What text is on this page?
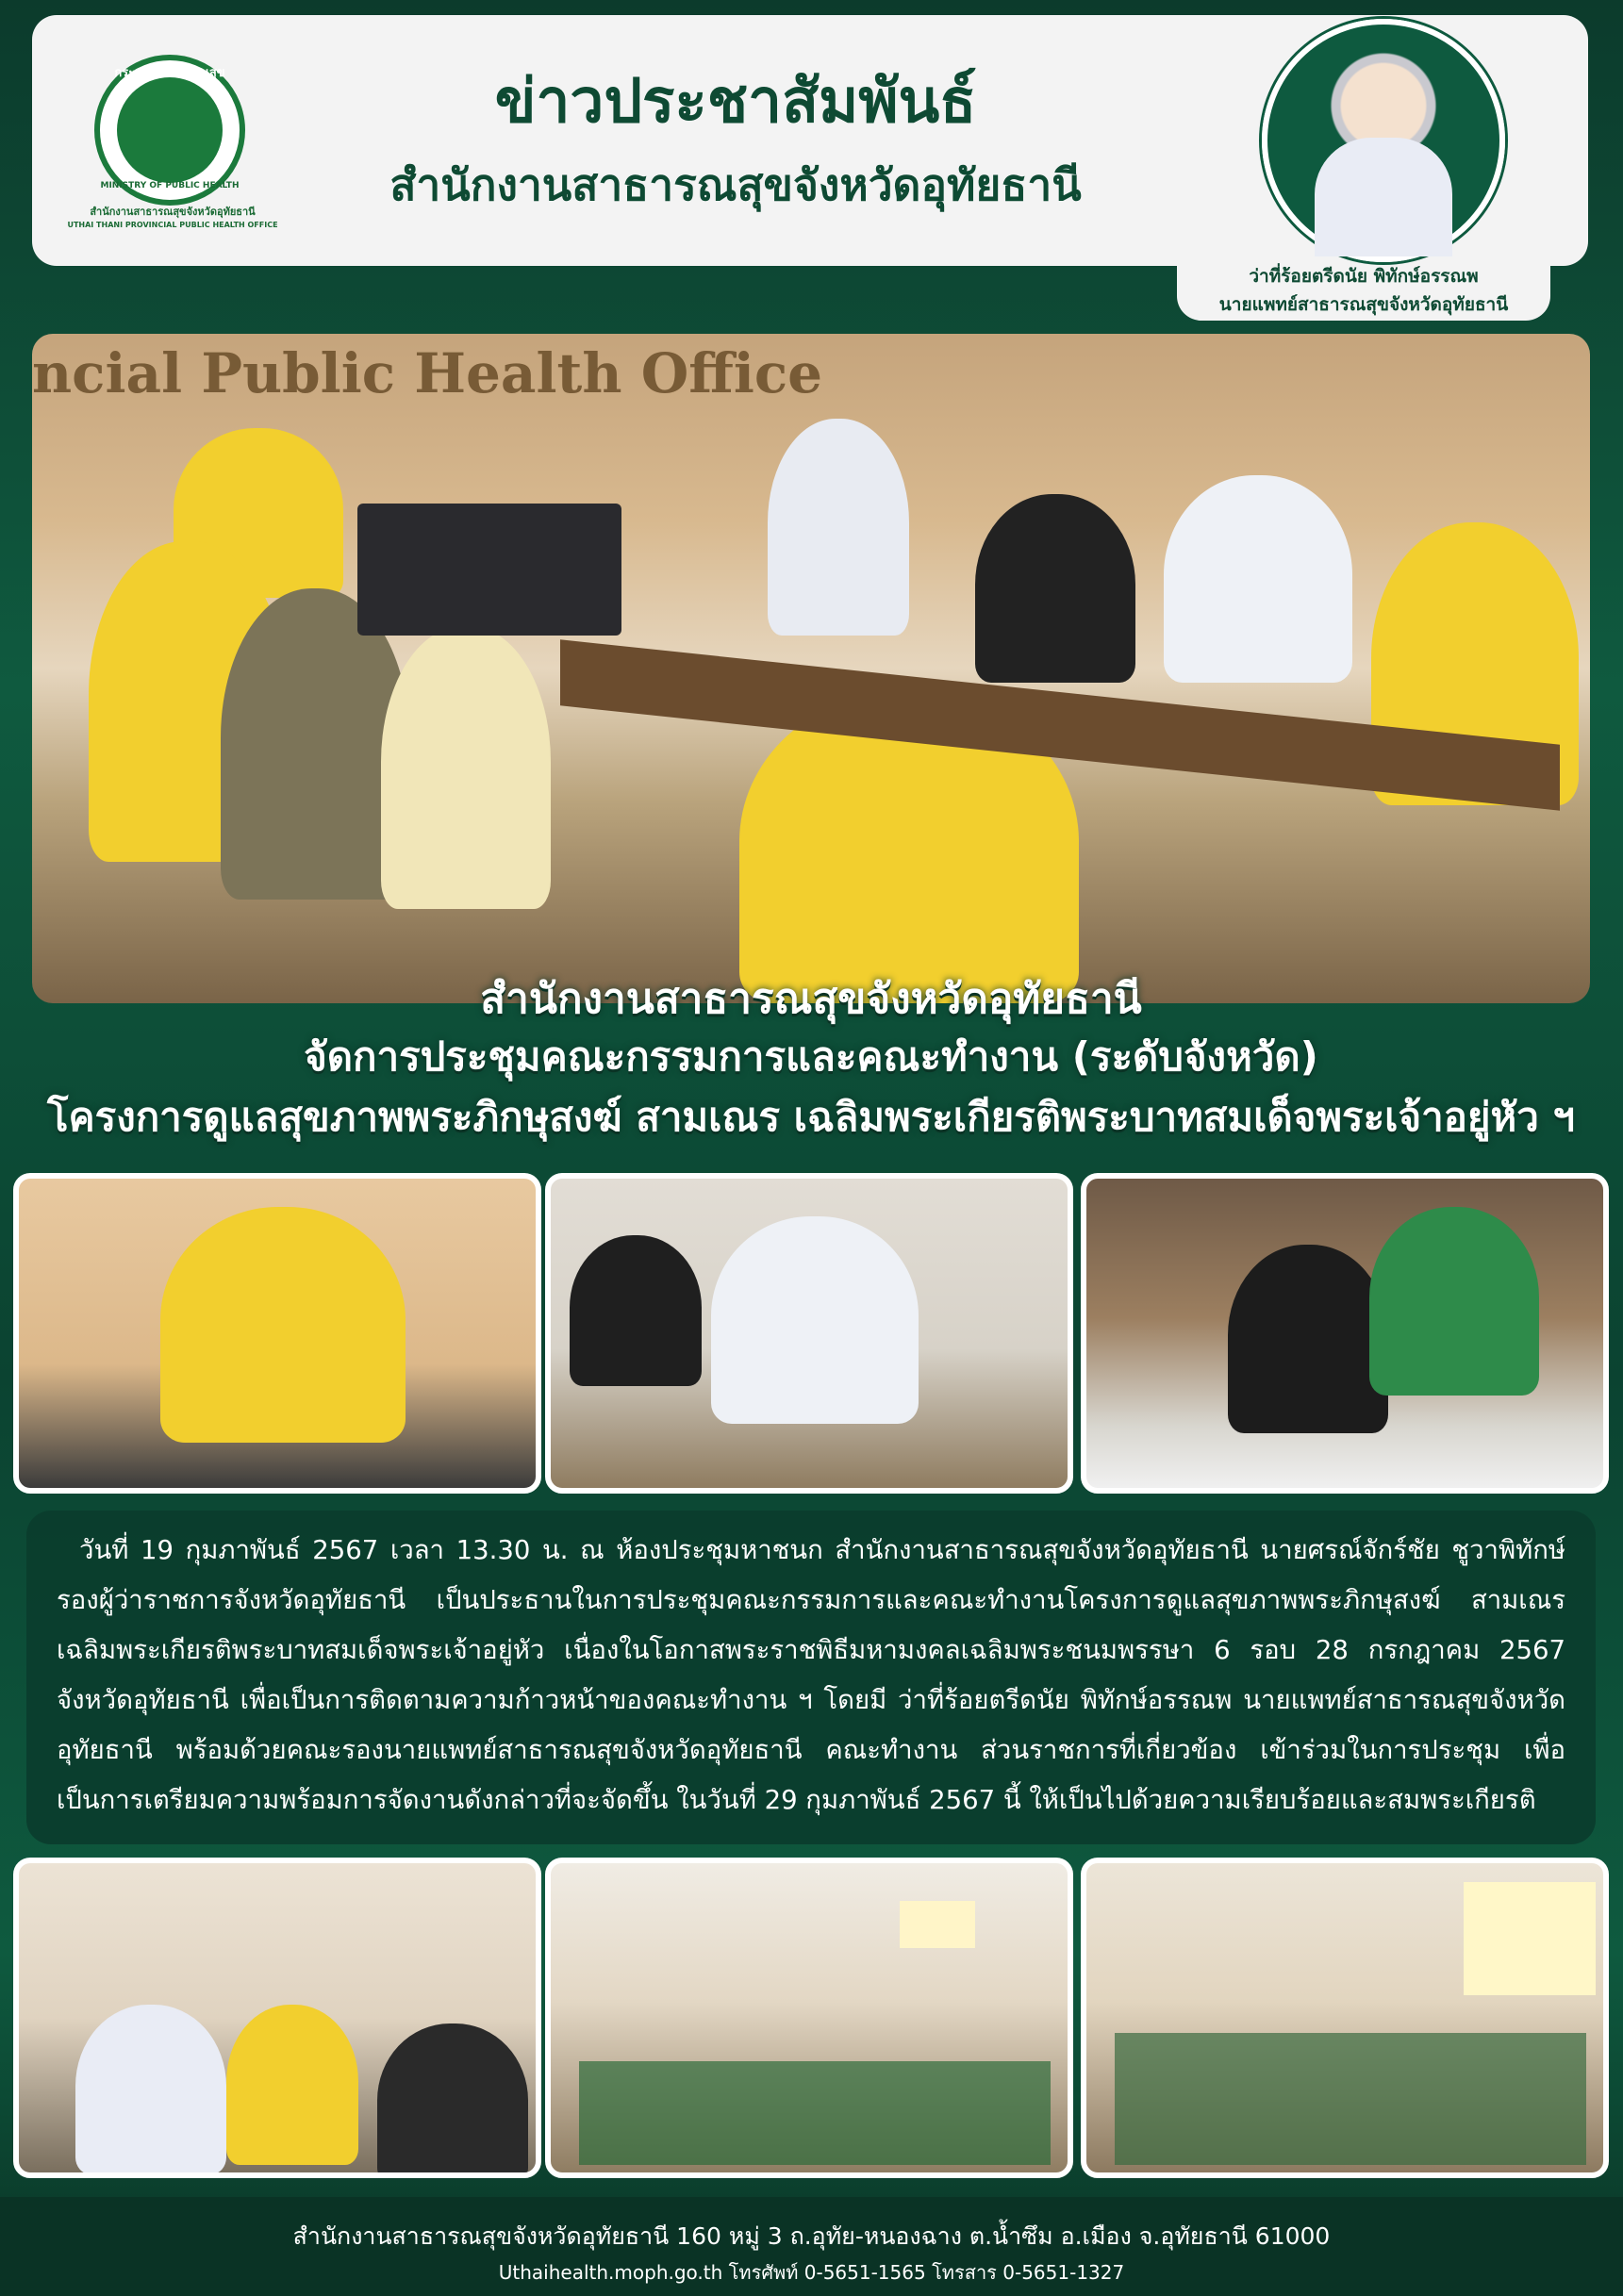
กระทรวงสาธารณสุข
MINISTRY OF PUBLIC HEALTH
สำนักงานสาธารณสุขจังหวัดอุทัยธานี
UTHAI THANI PROVINCIAL PUBLIC HEALTH OFFICE
ข่าวประชาสัมพันธ์
สำนักงานสาธารณสุขจังหวัดอุทัยธานี
ว่าที่ร้อยตรีดนัย พิทักษ์อรรณพ
นายแพทย์สาธารณสุขจังหวัดอุทัยธานี
ncial Public Health Office
สำนักงานสาธารณสุขจังหวัดอุทัยธานี
จัดการประชุมคณะกรรมการและคณะทำงาน (ระดับจังหวัด)
โครงการดูแลสุขภาพพระภิกษุสงฆ์ สามเณร เฉลิมพระเกียรติพระบาทสมเด็จพระเจ้าอยู่หัว ฯ
วันที่ 19 กุมภาพันธ์ 2567 เวลา 13.30 น. ณ ห้องประชุมหาชนก สำนักงานสาธารณสุขจังหวัดอุทัยธานี นายศรณ์จักร์ชัย ชูวาพิทักษ์ รองผู้ว่าราชการจังหวัดอุทัยธานี เป็นประธานในการประชุมคณะกรรมการและคณะทำงานโครงการดูแลสุขภาพพระภิกษุสงฆ์ สามเณร เฉลิมพระเกียรติพระบาทสมเด็จพระเจ้าอยู่หัว เนื่องในโอกาสพระราชพิธีมหามงคลเฉลิมพระชนมพรรษา 6 รอบ 28 กรกฎาคม 2567 จังหวัดอุทัยธานี เพื่อเป็นการติดตามความก้าวหน้าของคณะทำงาน ฯ โดยมี ว่าที่ร้อยตรีดนัย พิทักษ์อรรณพ นายแพทย์สาธารณสุขจังหวัดอุทัยธานี พร้อมด้วยคณะรองนายแพทย์สาธารณสุขจังหวัดอุทัยธานี คณะทำงาน ส่วนราชการที่เกี่ยวข้อง เข้าร่วมในการประชุม เพื่อเป็นการเตรียมความพร้อมการจัดงานดังกล่าวที่จะจัดขึ้น ในวันที่ 29 กุมภาพันธ์ 2567 นี้ ให้เป็นไปด้วยความเรียบร้อยและสมพระเกียรติ
สำนักงานสาธารณสุขจังหวัดอุทัยธานี 160 หมู่ 3 ถ.อุทัย-หนองฉาง ต.น้ำซึม อ.เมือง จ.อุทัยธานี 61000
Uthaihealth.moph.go.th โทรศัพท์ 0-5651-1565 โทรสาร 0-5651-1327
